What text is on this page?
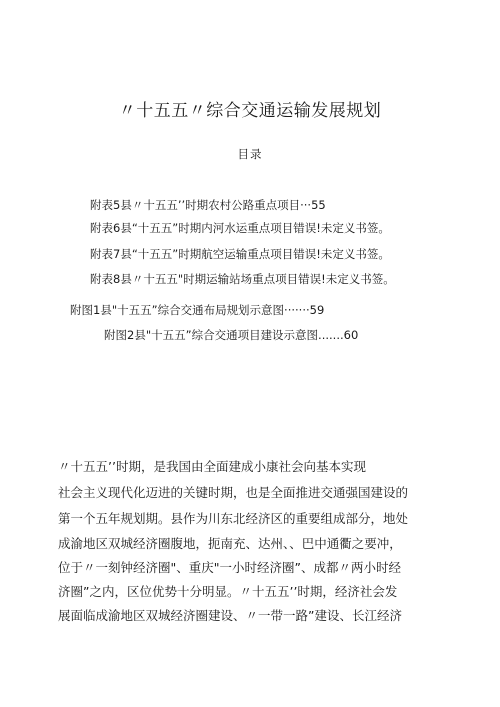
〃十五五〃综合交通运输发展规划
目录
附表5县〃十五五’’时期农村公路重点项目···55
附表6县“十五五”时期内河水运重点项目错误!未定义书签。
附表7县“十五五”时期航空运输重点项目错误!未定义书签。
附表8县〃十五五"时期运输站场重点项目错误!未定义书签。
附图1县"十五五”综合交通布局规划示意图·······59
附图2县"十五五”综合交通项目建设示意图.......60
〃十五五’’时期，是我国由全面建成小康社会向基本实现
社会主义现代化迈进的关键时期，也是全面推进交通强国建设的
第一个五年规划期。县作为川东北经济区的重要组成部分，地处
成渝地区双城经济圈腹地，扼南充、达州、、巴中通衢之要冲，
位于〃一刻钟经济圈"、重庆"一小时经济圈”、成都〃两小时经
济圈”之内，区位优势十分明显。〃十五五’’时期，经济社会发
展面临成渝地区双城经济圈建设、〃一带一路”建设、长江经济
